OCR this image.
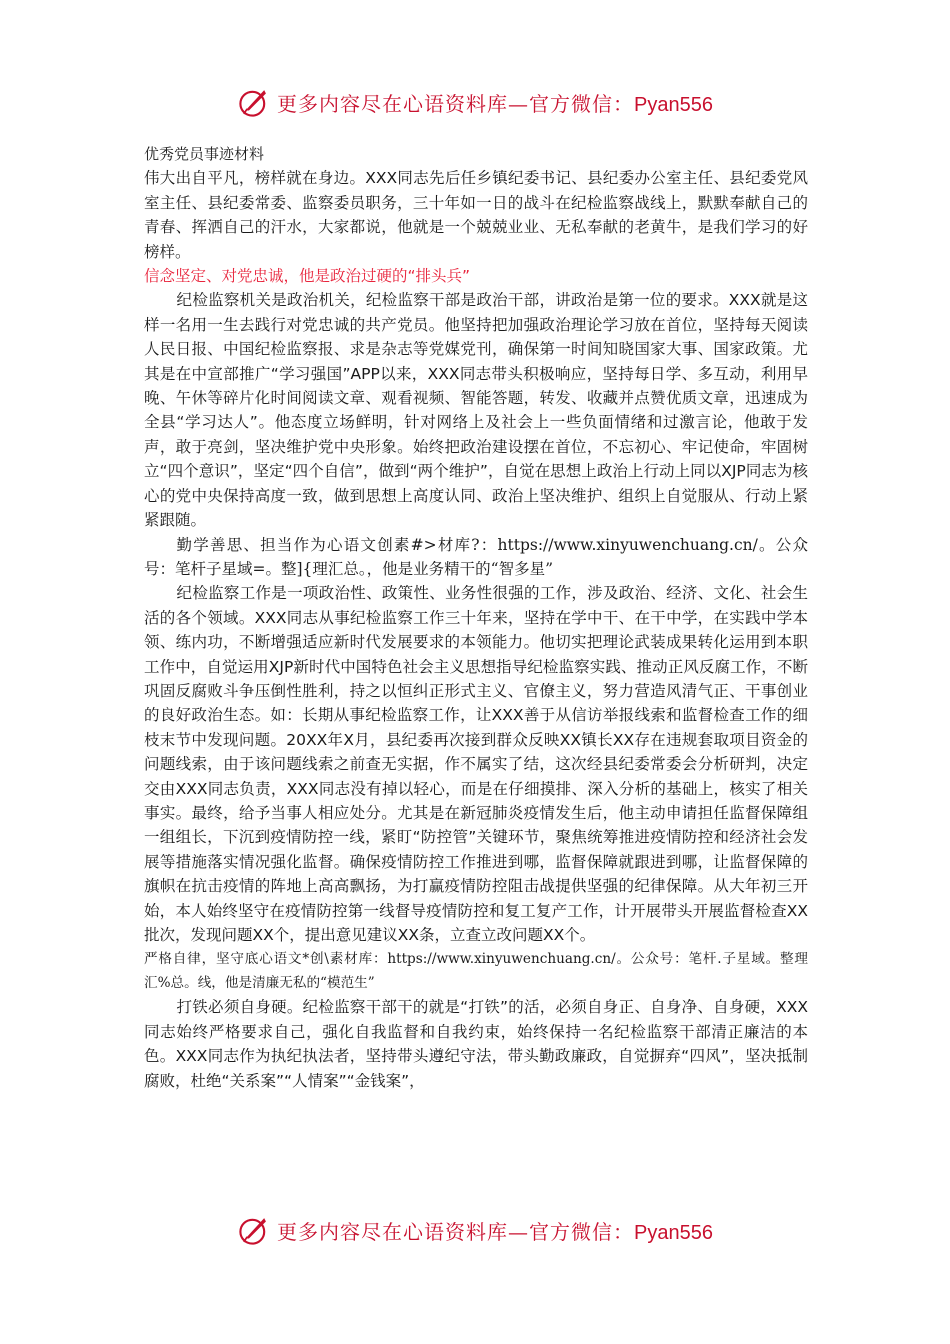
更多内容尽在心语资料库—官方微信：Pyan556

优秀党员事迹材料

伟大出自平凡，榜样就在身边。XXX同志先后任乡镇纪委书记、县纪委办公室主任、县纪委党风室主任、县纪委常委、监察委员职务，三十年如一日的战斗在纪检监察战线上，默默奉献自己的青春、挥洒自己的汗水，大家都说，他就是一个兢兢业业、无私奉献的老黄牛，是我们学习的好榜样。

信念坚定、对党忠诚，他是政治过硬的“排头兵”

纪检监察机关是政治机关，纪检监察干部是政治干部，讲政治是第一位的要求。XXX就是这样一名用一生去践行对党忠诚的共产党员。他坚持把加强政治理论学习放在首位，坚持每天阅读人民日报、中国纪检监察报、求是杂志等党媒党刊，确保第一时间知晓国家大事、国家政策。尤其是在中宣部推广“学习强国”APP以来，XXX同志带头积极响应，坚持每日学、多互动，利用早晚、午休等碎片化时间阅读文章、观看视频、智能答题，转发、收藏并点赞优质文章，迅速成为全县“学习达人”。他态度立场鲜明，针对网络上及社会上一些负面情绪和过激言论，他敢于发声，敢于亮剑，坚决维护党中央形象。始终把政治建设摆在首位，不忘初心、牢记使命，牢固树立“四个意识”，坚定“四个自信”，做到“两个维护”，自觉在思想上政治上行动上同以XJP同志为核心的党中央保持高度一致，做到思想上高度认同、政治上坚决维护、组织上自觉服从、行动上紧紧跟随。

勤学善思、担当作为心语文创素#>材库?：https://www.xinyuwenchuang.cn/。公众号：笔杆子星域=。整]{理汇总。，他是业务精干的“智多星”

纪检监察工作是一项政治性、政策性、业务性很强的工作，涉及政治、经济、文化、社会生活的各个领域。XXX同志从事纪检监察工作三十年来，坚持在学中干、在干中学，在实践中学本领、练内功，不断增强适应新时代发展要求的本领能力。他切实把理论武装成果转化运用到本职工作中，自觉运用XJP新时代中国特色社会主义思想指导纪检监察实践、推动正风反腐工作，不断巩固反腐败斗争压倒性胜利，持之以恒纠正形式主义、官僚主义，努力营造风清气正、干事创业的良好政治生态。如：长期从事纪检监察工作，让XXX善于从信访举报线索和监督检查工作的细枝末节中发现问题。20XX年X月，县纪委再次接到群众反映XX镇长XX存在违规套取项目资金的问题线索，由于该问题线索之前查无实据，作不属实了结，这次经县纪委常委会分析研判，决定交由XXX同志负责，XXX同志没有掉以轻心，而是在仔细摸排、深入分析的基础上，核实了相关事实。最终，给予当事人相应处分。尤其是在新冠肺炎疫情发生后，他主动申请担任监督保障组一组组长，下沉到疫情防控一线，紧盯“防控管”关键环节，聚焦统筹推进疫情防控和经济社会发展等措施落实情况强化监督。确保疫情防控工作推进到哪，监督保障就跟进到哪，让监督保障的旗帜在抗击疫情的阵地上高高飘扬，为打赢疫情防控阻击战提供坚强的纪律保障。从大年初三开始，本人始终坚守在疫情防控第一线督导疫情防控和复工复产工作，计开展带头开展监督检查XX批次，发现问题XX个，提出意见建议XX条，立查立改问题XX个。

严格自律，坚守底心语文*创\素材库：https://www.xinyuwenchuang.cn/。公众号：笔杆.子星域。整理汇%总。线，他是清廉无私的“模范生”

打铁必须自身硬。纪检监察干部干的就是“打铁”的活，必须自身正、自身净、自身硬，XXX同志始终严格要求自己，强化自我监督和自我约束，始终保持一名纪检监察干部清正廉洁的本色。XXX同志作为执纪执法者，坚持带头遵纪守法，带头勤政廉政，自觉摒弃“四风”，坚决抵制腐败，杜绝“关系案”“人情案”“金钱案”，

更多内容尽在心语资料库—官方微信：Pyan556
